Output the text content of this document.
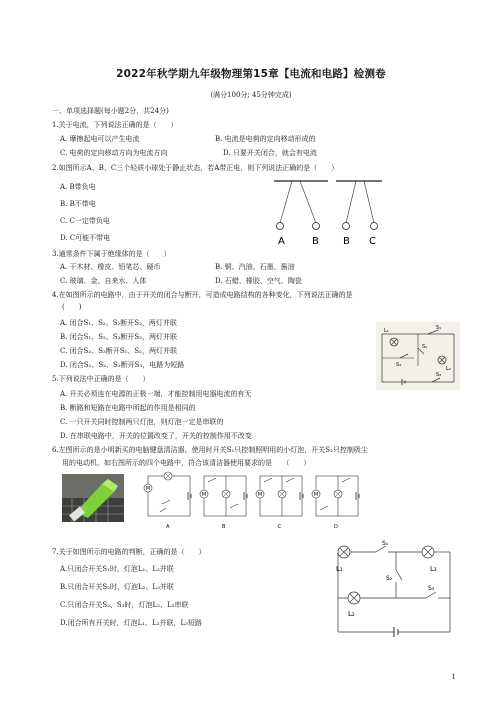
2022年秋学期九年级物理第15章【电流和电路】检测卷
(满分100分; 45分钟完成)
一、单项选择题(每小题2分，共24分)
1.关于电流，下列说法正确的是（　　）
A. 摩擦起电可以产生电流	B. 电流是电荷的定向移动形成的
C. 电荷的定向移动方向为电流方向	D. 只要开关闭合，就会有电流
2.如图所示A、B、C三个轻质小球处于静止状态，若A带正电，则下列说法正确的是（　　）
A. B带负电
B. B不带电
C. C一定带负电
D. C可能不带电	A	B B C
3.通常条件下属于绝缘体的是（　　）
A. 干木材、橡皮、铅笔芯、硬币	B. 铜、汽油、石墨、酱油
C. 玻璃、金、自来水、人体	D. 石蜡、橡胶、空气、陶瓷
4.在如图所示的电路中，由于开关的闭合与断开，可造成电路结构的各种变化，下列说法正确的是
(　　)
A. 闭合S₁、S₃、S₂断开S₂，两灯并联
B. 闭合S₁、S₂、S₃断开S₂，两灯并联
C. 闭合S₂、S₃断开S₁、S₂，两灯并联
D. 闭合S₁、S₂、S₃断开S₃，电路为短路
L₁	S₁
S₂
S₁
L₂
S₃
5.下列说法中正确的是（　　）
A. 开关必须连在电源的正极一端，才能控制用电器电流的有无
B. 断路和短路在电路中所起的作用是相同的
C. 一只开关同时控制两只灯泡，则灯泡一定是串联的
D. 在串联电路中，开关的位置改变了，开关的控制作用不改变
6.左图所示的是小明新买的电脑键盘清洁器，使用时开关S₁只控制照明用的小灯泡，开关S₂只控制吸尘
用的电动机。如右图所示的四个电路中，符合该清洁器使用要求的是　　（　　）
M
A	B	C	D
7.关于如图所示的电路的判断，正确的是（　　）
A.只闭合开关S₁时，灯泡L₁、L₃并联
B.只闭合开关S₂时，灯泡L₂、L₃并联
C.只闭合开关S₂、S₃时，灯泡L₂、L₃串联
D.闭合所有开关时，灯泡L₁、L₂并联，L₃短路
L₁
S₁
S₂
L₃
S₃
L₂
1
